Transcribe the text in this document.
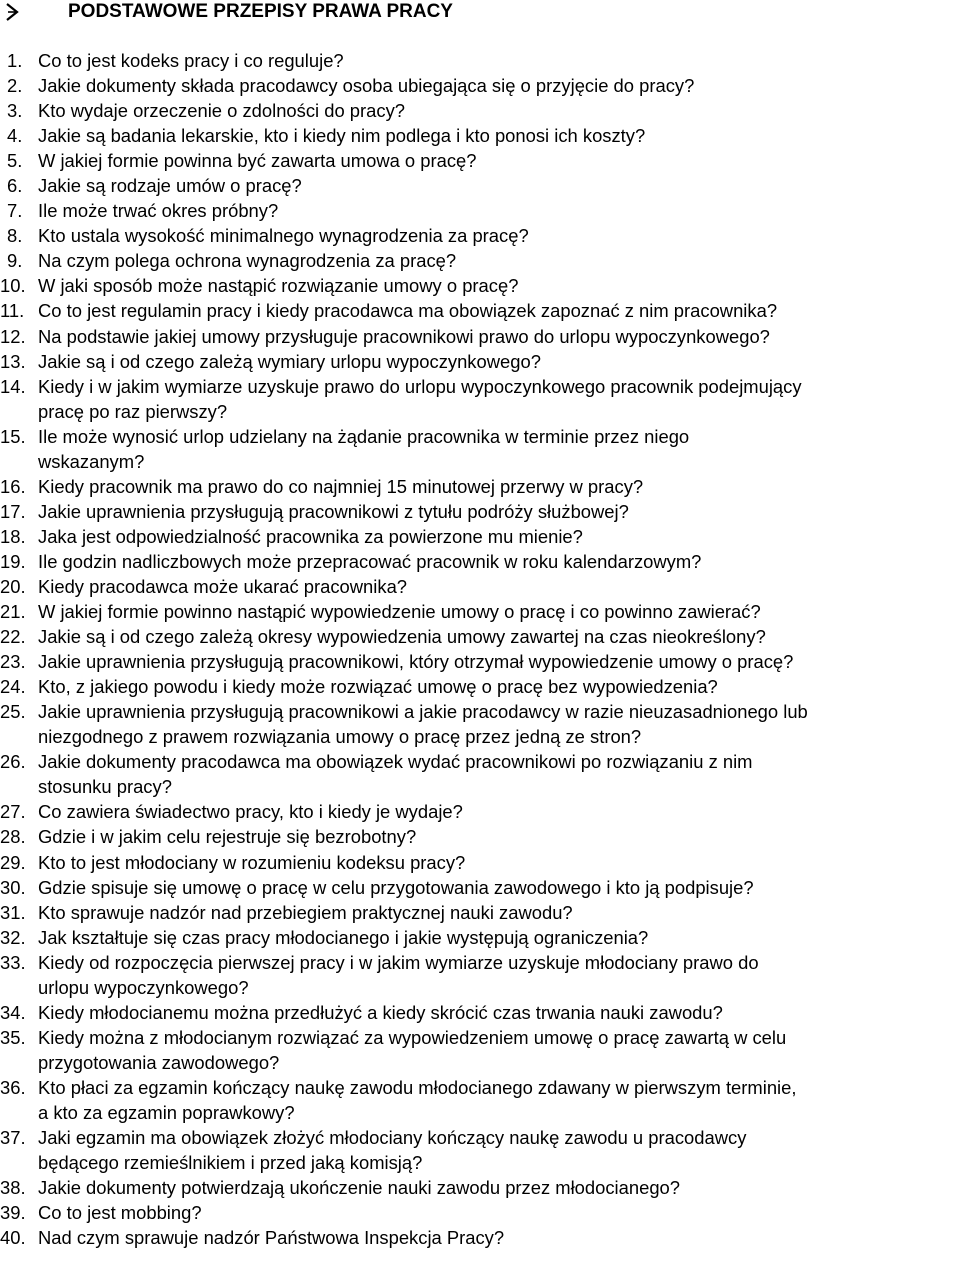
PODSTAWOWE PRZEPISY PRAWA PRACY
1. Co to jest kodeks pracy i co reguluje?
2. Jakie dokumenty składa pracodawcy osoba ubiegająca się o przyjęcie do pracy?
3. Kto wydaje orzeczenie o zdolności do pracy?
4. Jakie są badania lekarskie, kto i kiedy nim podlega i kto ponosi ich koszty?
5. W jakiej formie powinna być zawarta umowa o pracę?
6. Jakie są rodzaje umów o pracę?
7. Ile może trwać okres próbny?
8. Kto ustala wysokość minimalnego wynagrodzenia za pracę?
9. Na czym polega ochrona wynagrodzenia za pracę?
10. W jaki sposób może nastąpić rozwiązanie umowy o pracę?
11. Co to jest regulamin pracy i kiedy pracodawca ma obowiązek zapoznać z nim pracownika?
12. Na podstawie jakiej umowy przysługuje pracownikowi prawo do urlopu wypoczynkowego?
13. Jakie są i od czego zależą wymiary urlopu wypoczynkowego?
14. Kiedy i w jakim wymiarze uzyskuje prawo do urlopu wypoczynkowego pracownik podejmujący
pracę po raz pierwszy?
15. Ile może wynosić urlop udzielany na żądanie pracownika w terminie przez niego
wskazanym?
16. Kiedy pracownik ma prawo do co najmniej 15 minutowej przerwy w pracy?
17. Jakie uprawnienia przysługują pracownikowi z tytułu podróży służbowej?
18. Jaka jest odpowiedzialność pracownika za powierzone mu mienie?
19. Ile godzin nadliczbowych może przepracować pracownik w roku kalendarzowym?
20. Kiedy pracodawca może ukarać pracownika?
21. W jakiej formie powinno nastąpić wypowiedzenie umowy o pracę i co powinno zawierać?
22. Jakie są i od czego zależą okresy wypowiedzenia umowy zawartej na czas nieokreślony?
23. Jakie uprawnienia przysługują pracownikowi, który otrzymał wypowiedzenie umowy o pracę?
24. Kto, z jakiego powodu i kiedy może rozwiązać umowę o pracę bez wypowiedzenia?
25. Jakie uprawnienia przysługują pracownikowi a jakie pracodawcy w razie nieuzasadnionego lub
niezgodnego z prawem rozwiązania umowy o pracę przez jedną ze stron?
26. Jakie dokumenty pracodawca ma obowiązek wydać pracownikowi po rozwiązaniu z nim
stosunku pracy?
27. Co zawiera świadectwo pracy, kto i kiedy je wydaje?
28. Gdzie i w jakim celu rejestruje się bezrobotny?
29. Kto to jest młodociany w rozumieniu kodeksu pracy?
30. Gdzie spisuje się umowę o pracę w celu przygotowania zawodowego i kto ją podpisuje?
31. Kto sprawuje nadzór nad przebiegiem praktycznej nauki zawodu?
32. Jak kształtuje się czas pracy młodocianego i jakie występują ograniczenia?
33. Kiedy od rozpoczęcia pierwszej pracy i w jakim wymiarze uzyskuje młodociany prawo do
urlopu wypoczynkowego?
34. Kiedy młodocianemu można przedłużyć a kiedy skrócić czas trwania nauki zawodu?
35. Kiedy można z młodocianym rozwiązać za wypowiedzeniem umowę o pracę zawartą w celu
przygotowania zawodowego?
36. Kto płaci za egzamin kończący naukę zawodu młodocianego zdawany w pierwszym terminie,
a kto za egzamin poprawkowy?
37. Jaki egzamin ma obowiązek złożyć młodociany kończący naukę zawodu u pracodawcy
będącego rzemieślnikiem i przed jaką komisją?
38. Jakie dokumenty potwierdzają ukończenie nauki zawodu przez młodocianego?
39. Co to jest mobbing?
40. Nad czym sprawuje nadzór Państwowa Inspekcja Pracy?
